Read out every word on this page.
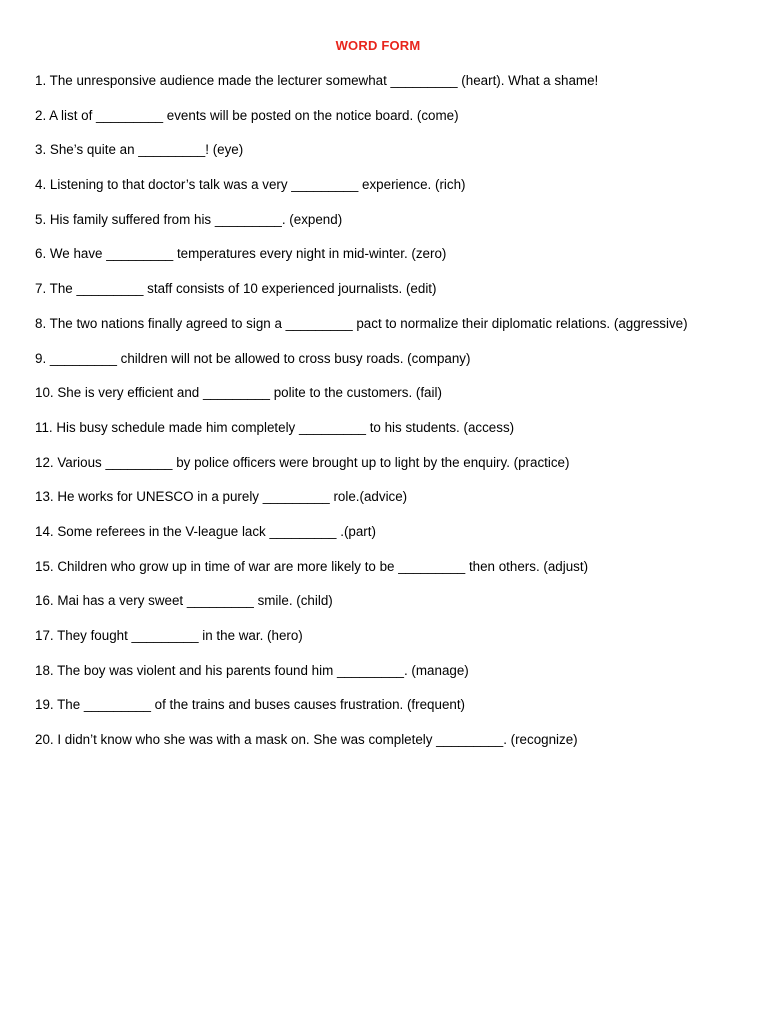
WORD FORM
1. The unresponsive audience made the lecturer somewhat _________ (heart). What a shame!
2. A list of _________ events will be posted on the notice board. (come)
3. She’s quite an _________! (eye)
4. Listening to that doctor’s talk was a very _________ experience. (rich)
5. His family suffered from his _________. (expend)
6. We have _________ temperatures every night in mid-winter. (zero)
7. The _________ staff consists of 10 experienced journalists. (edit)
8. The two nations finally agreed to sign a _________ pact to normalize their diplomatic relations. (aggressive)
9. _________ children will not be allowed to cross busy roads. (company)
10. She is very efficient and _________ polite to the customers. (fail)
11. His busy schedule made him completely _________ to his students. (access)
12. Various _________ by police officers were brought up to light by the enquiry. (practice)
13. He works for UNESCO in a purely _________ role.(advice)
14. Some referees in the V-league lack _________ .(part)
15. Children who grow up in time of war are more likely to be _________ then others. (adjust)
16. Mai has a very sweet _________ smile. (child)
17. They fought _________ in the war. (hero)
18. The boy was violent and his parents found him _________. (manage)
19. The _________ of the trains and buses causes frustration. (frequent)
20. I didn’t know who she was with a mask on. She was completely _________. (recognize)
